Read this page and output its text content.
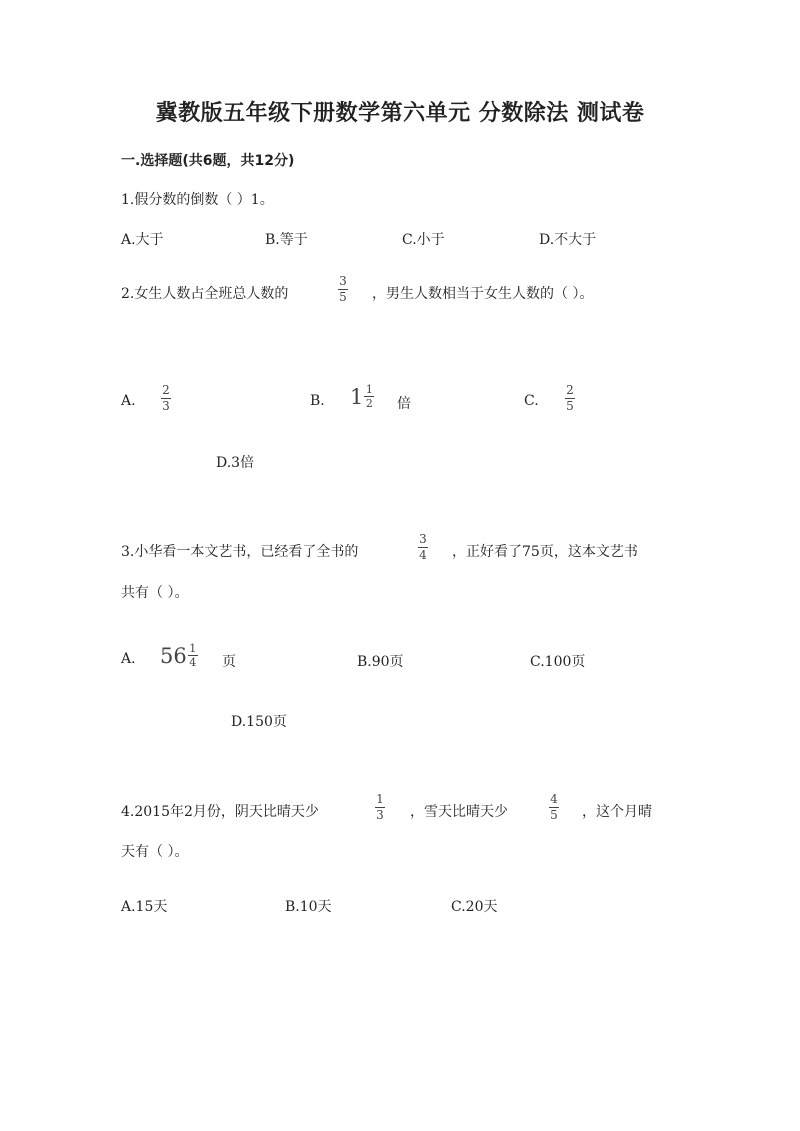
冀教版五年级下册数学第六单元 分数除法 测试卷
一.选择题(共6题，共12分)
1.假分数的倒数（ ）1。
A.大于	B.等于	C.小于	D.不大于
2.女生人数占全班总人数的
3
5 ，男生人数相当于女生人数的（ ）。
A.
2
3	B. $1 \frac{1}{2}$ 倍	C.
2
5
D.3倍
3.小华看一本文艺书，已经看了全书的
3
4 ，正好看了75页，这本文艺书
共有（ ）。
A. $56 \frac{1}{4}$ 页	B.90页	C.100页
D.150页
4.2015年2月份，阴天比晴天少
1
3 ，雪天比晴天少
4
5 ，这个月晴
天有（ ）。
A.15天	B.10天	C.20天
